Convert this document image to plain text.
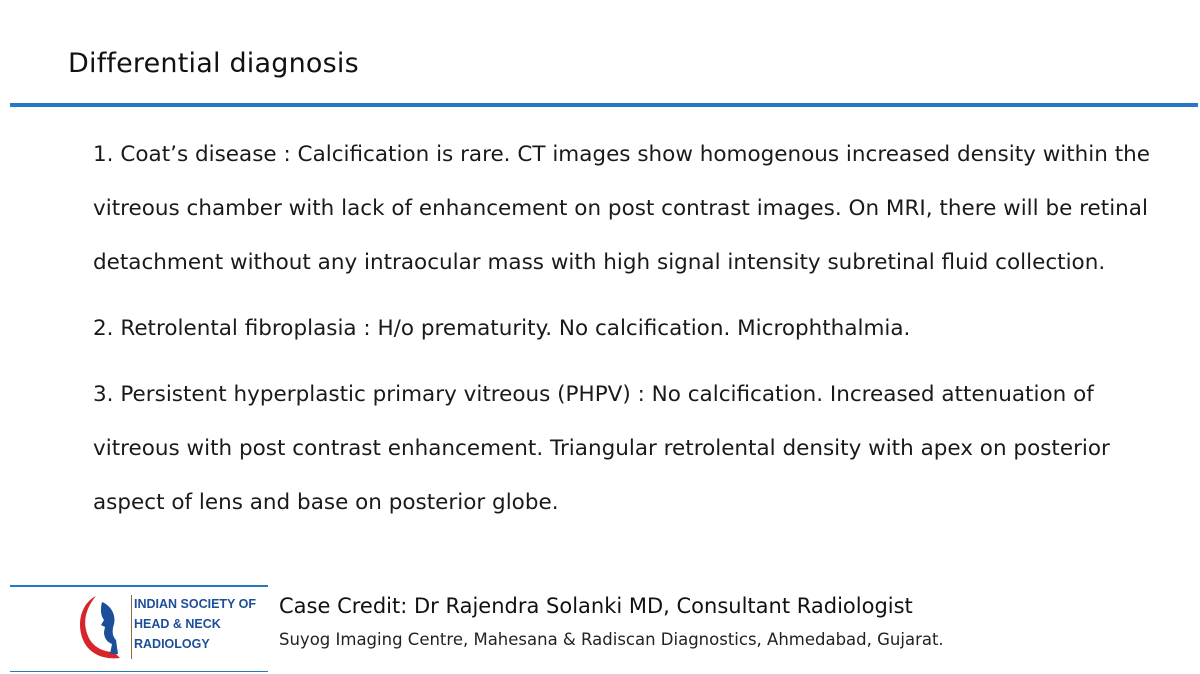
Differential diagnosis

1. Coat’s disease : Calcification is rare. CT images show homogenous increased density within the vitreous chamber with lack of enhancement on post contrast images. On MRI, there will be retinal detachment without any intraocular mass with high signal intensity subretinal fluid collection.

2. Retrolental fibroplasia : H/o prematurity. No calcification. Microphthalmia.

3. Persistent hyperplastic primary vitreous (PHPV) : No calcification. Increased attenuation of vitreous with post contrast enhancement. Triangular retrolental density with apex on posterior aspect of lens and base on posterior globe.

INDIAN SOCIETY OF
HEAD & NECK
RADIOLOGY
Case Credit: Dr Rajendra Solanki MD, Consultant Radiologist
Suyog Imaging Centre, Mahesana & Radiscan Diagnostics, Ahmedabad, Gujarat.
